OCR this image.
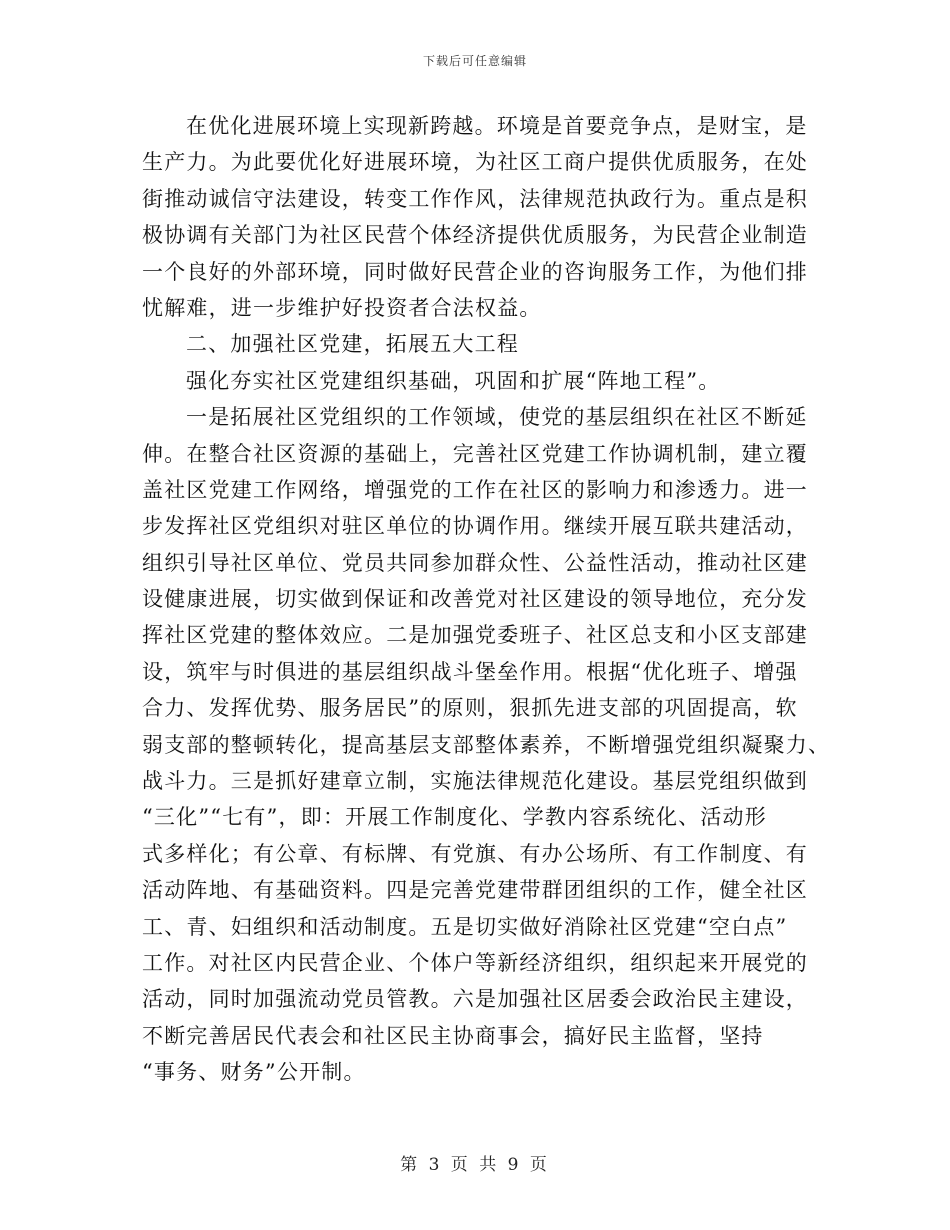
下载后可任意编辑
在优化进展环境上实现新跨越。环境是首要竞争点，是财宝，是
生产力。为此要优化好进展环境，为社区工商户提供优质服务，在处
街推动诚信守法建设，转变工作作风，法律规范执政行为。重点是积
极协调有关部门为社区民营个体经济提供优质服务，为民营企业制造
一个良好的外部环境，同时做好民营企业的咨询服务工作，为他们排
忧解难，进一步维护好投资者合法权益。
二、加强社区党建，拓展五大工程
强化夯实社区党建组织基础，巩固和扩展“阵地工程”。
一是拓展社区党组织的工作领域，使党的基层组织在社区不断延
伸。在整合社区资源的基础上，完善社区党建工作协调机制，建立覆
盖社区党建工作网络，增强党的工作在社区的影响力和渗透力。进一
步发挥社区党组织对驻区单位的协调作用。继续开展互联共建活动，
组织引导社区单位、党员共同参加群众性、公益性活动，推动社区建
设健康进展，切实做到保证和改善党对社区建设的领导地位，充分发
挥社区党建的整体效应。二是加强党委班子、社区总支和小区支部建
设，筑牢与时俱进的基层组织战斗堡垒作用。根据“优化班子、增强
合力、发挥优势、服务居民”的原则，狠抓先进支部的巩固提高，软
弱支部的整顿转化，提高基层支部整体素养，不断增强党组织凝聚力、
战斗力。三是抓好建章立制，实施法律规范化建设。基层党组织做到
“三化”“七有”，即：开展工作制度化、学教内容系统化、活动形
式多样化；有公章、有标牌、有党旗、有办公场所、有工作制度、有
活动阵地、有基础资料。四是完善党建带群团组织的工作，健全社区
工、青、妇组织和活动制度。五是切实做好消除社区党建“空白点”
工作。对社区内民营企业、个体户等新经济组织，组织起来开展党的
活动，同时加强流动党员管教。六是加强社区居委会政治民主建设，
不断完善居民代表会和社区民主协商事会，搞好民主监督，坚持
“事务、财务”公开制。
第 3 页 共 9 页
